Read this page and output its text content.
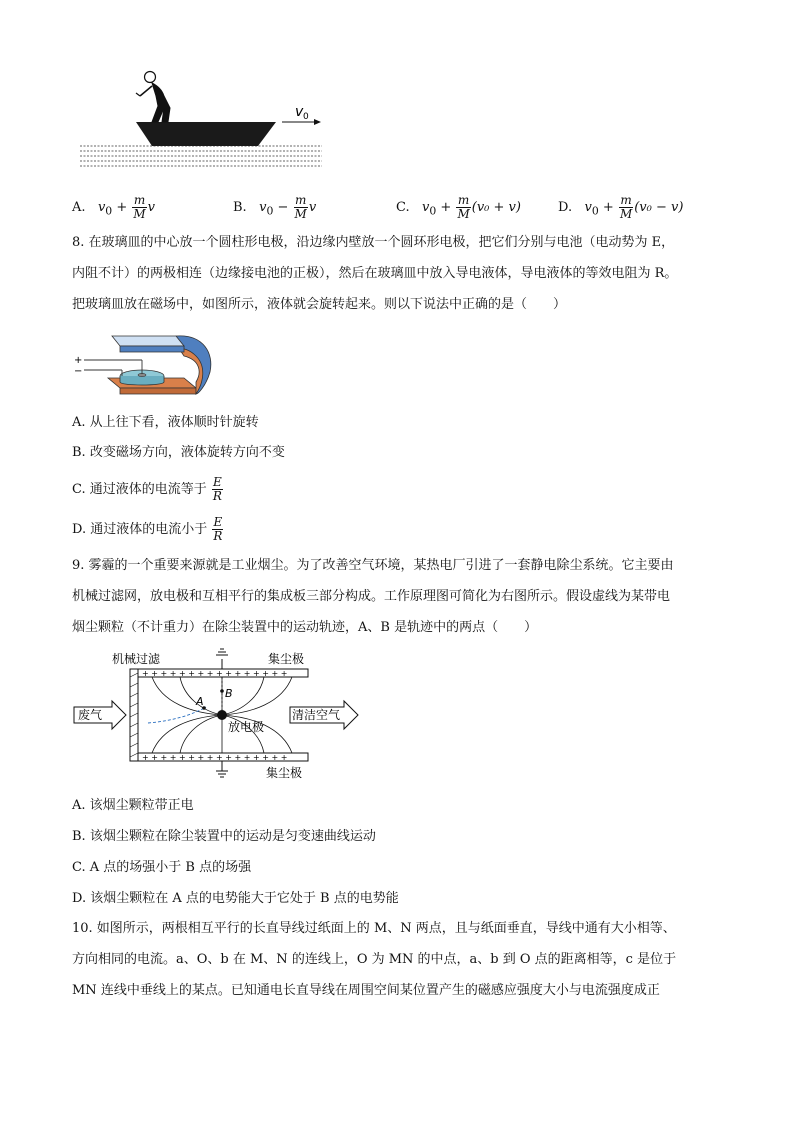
v 0
A. $v_0 + \frac{m}{M}$ v	B. $v_0 - \frac{m}{M}$ v	C. $v_0 + \frac{m}{M} (v_0 + v)$	D. $v_0 + \frac{m}{M} (v_0 - v)$
8. 在玻璃皿的中心放一个圆柱形电极，沿边缘内壁放一个圆环形电极，把它们分别与电池（电动势为 E，
内阻不计）的两极相连（边缘接电池的正极），然后在玻璃皿中放入导电液体，导电液体的等效电阻为 R。
把玻璃皿放在磁场中，如图所示，液体就会旋转起来。则以下说法中正确的是（　　）
+
−
A. 从上往下看，液体顺时针旋转
B. 改变磁场方向，液体旋转方向不变
C. 通过液体的电流等于 $\frac{E}{R}$
D. 通过液体的电流小于 $\frac{E}{R}$
9. 雾霾的一个重要来源就是工业烟尘。为了改善空气环境，某热电厂引进了一套静电除尘系统。它主要由
机械过滤网，放电极和互相平行的集成板三部分构成。工作原理图可简化为右图所示。假设虚线为某带电
烟尘颗粒（不计重力）在除尘装置中的运动轨迹，A、B 是轨迹中的两点（　　）
机械过滤	集尘极
集尘极
+ + + + + + + + + + + + + + + +
+ + + + + + + + + + + + + + + +
A
B
放电极
废气	清洁空气
A. 该烟尘颗粒带正电
B. 该烟尘颗粒在除尘装置中的运动是匀变速曲线运动
C. A 点的场强小于 B 点的场强
D. 该烟尘颗粒在 A 点的电势能大于它处于 B 点的电势能
10. 如图所示，两根相互平行的长直导线过纸面上的 M、N 两点，且与纸面垂直，导线中通有大小相等、
方向相同的电流。a、O、b 在 M、N 的连线上，O 为 MN 的中点，a、b 到 O 点的距离相等，c 是位于
MN 连线中垂线上的某点。已知通电长直导线在周围空间某位置产生的磁感应强度大小与电流强度成正
